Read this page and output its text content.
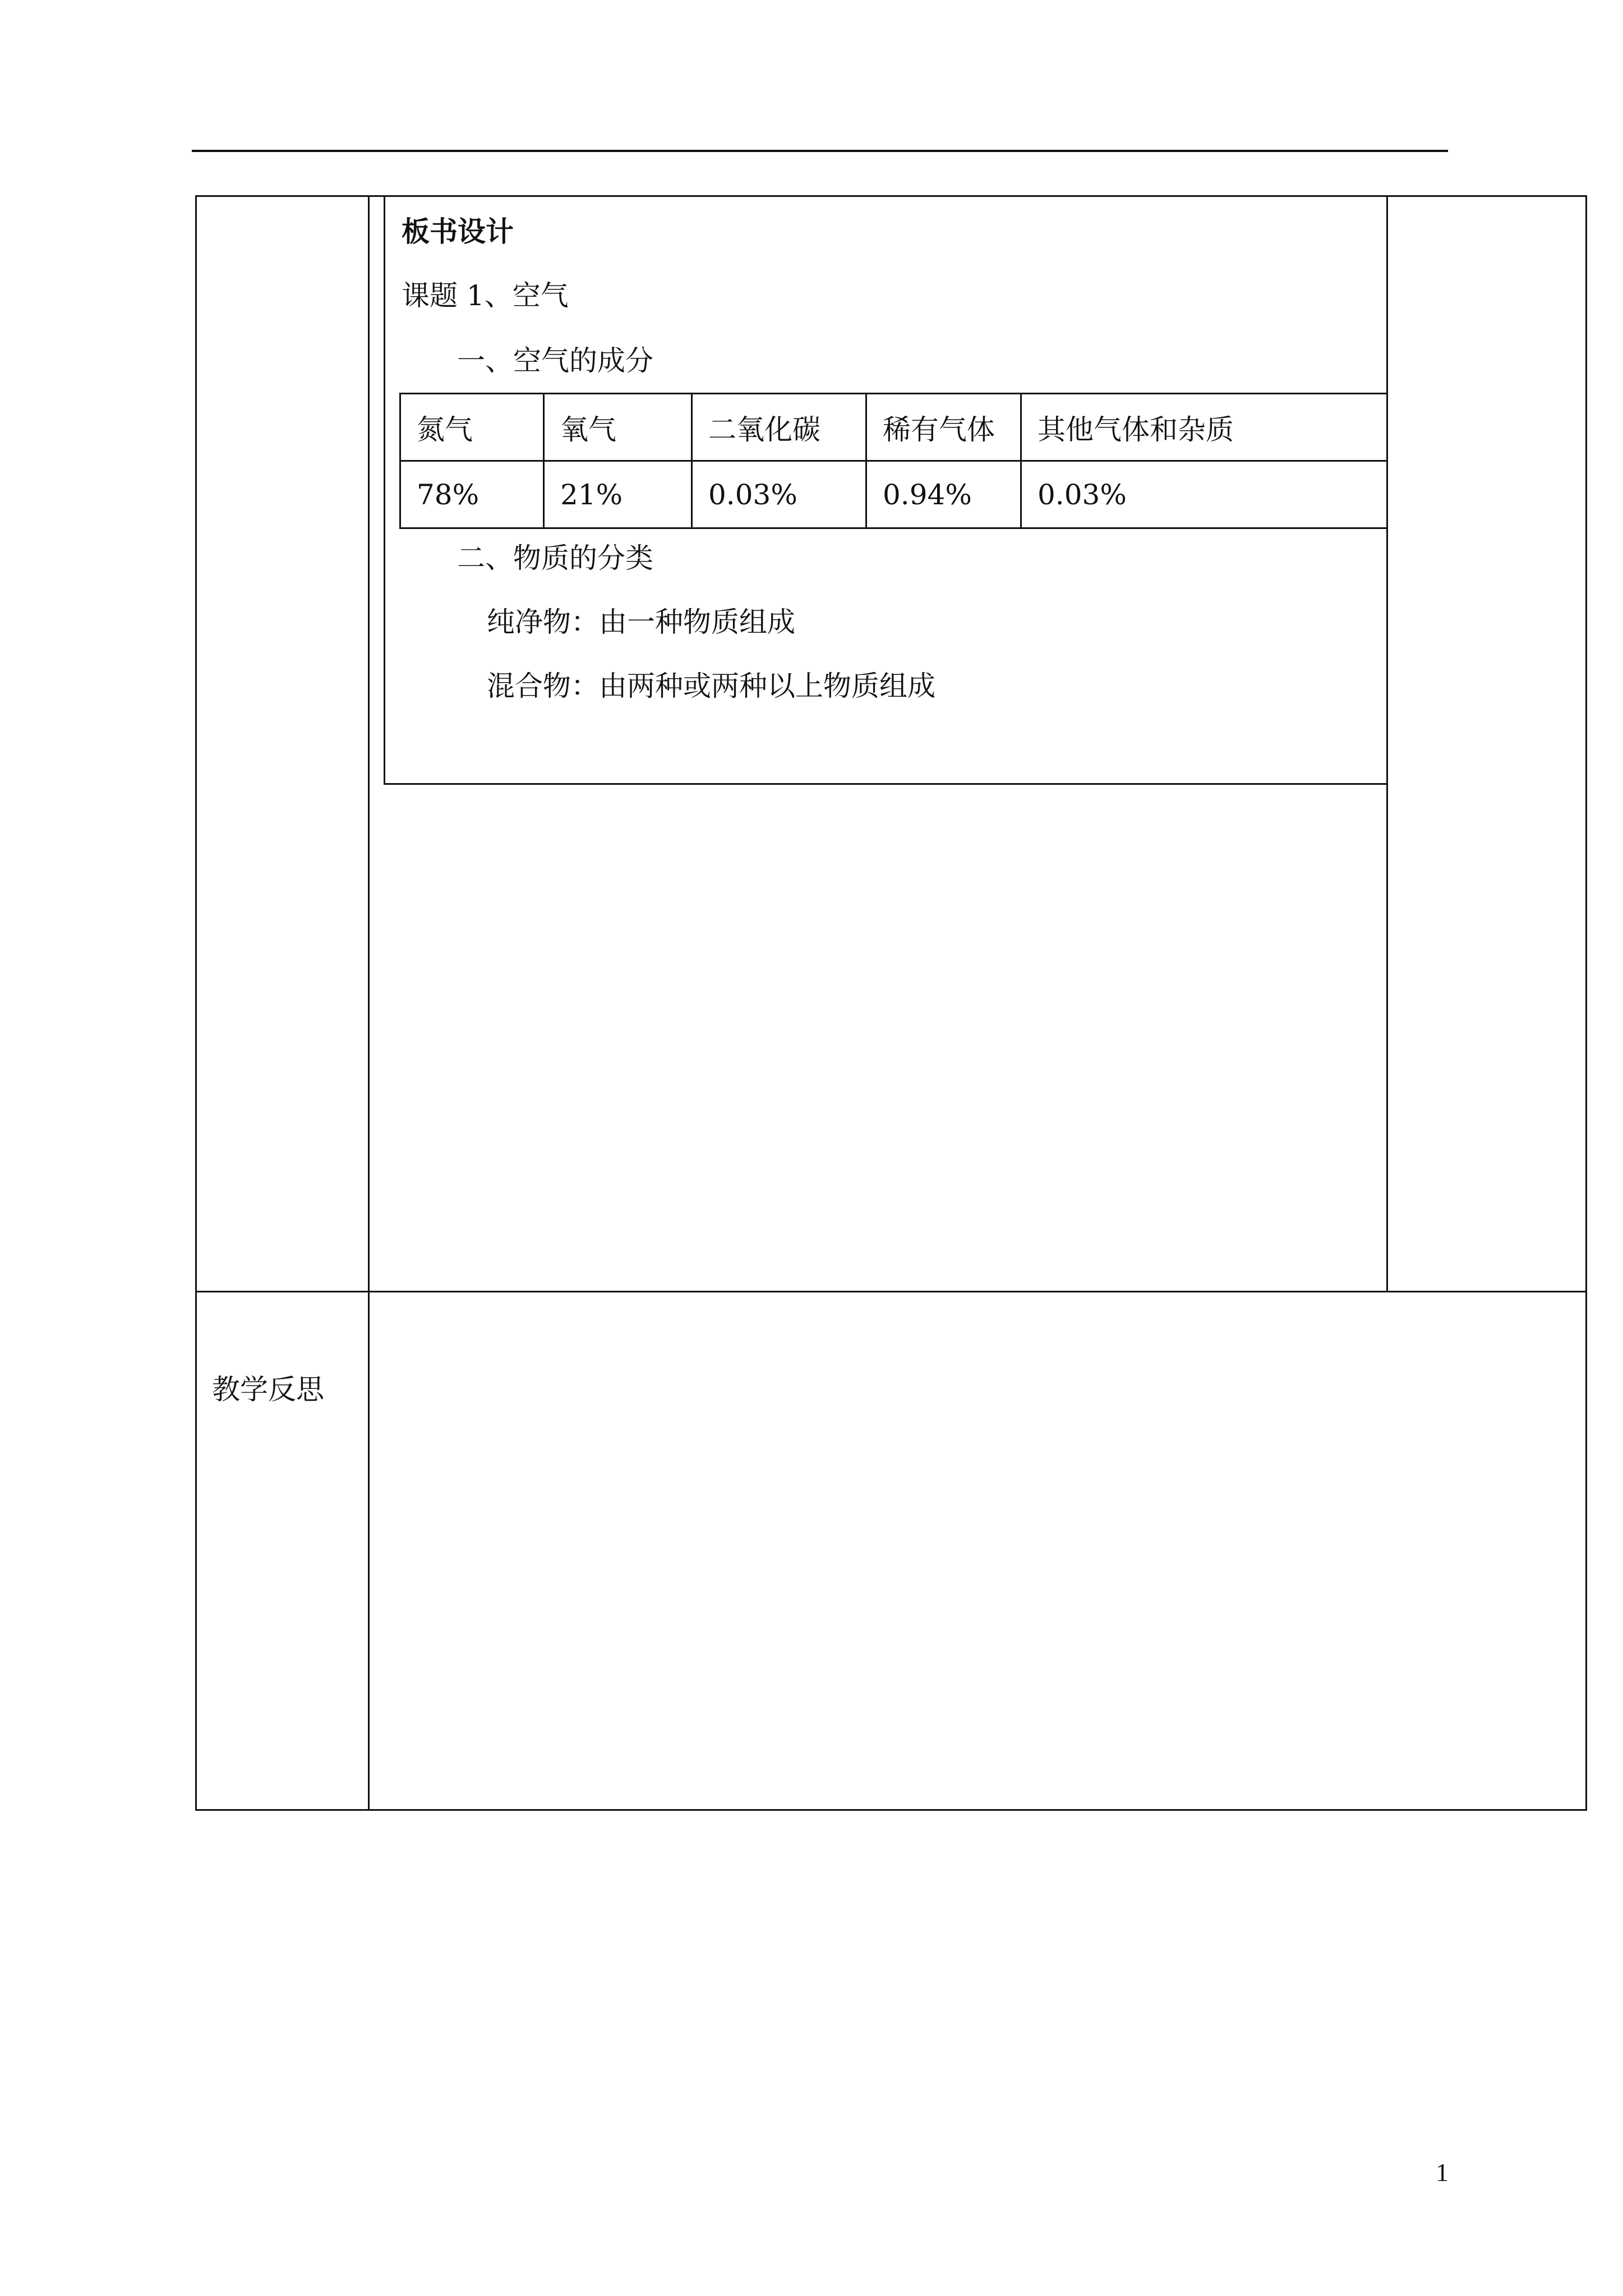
板书设计
课题 1、空气
一、空气的成分
氮气	氧气	二氧化碳	稀有气体	其他气体和杂质
78%	21%	0.03%	0.94%	0.03%
二、物质的分类
纯净物：由一种物质组成
混合物：由两种或两种以上物质组成
教学反思
1
